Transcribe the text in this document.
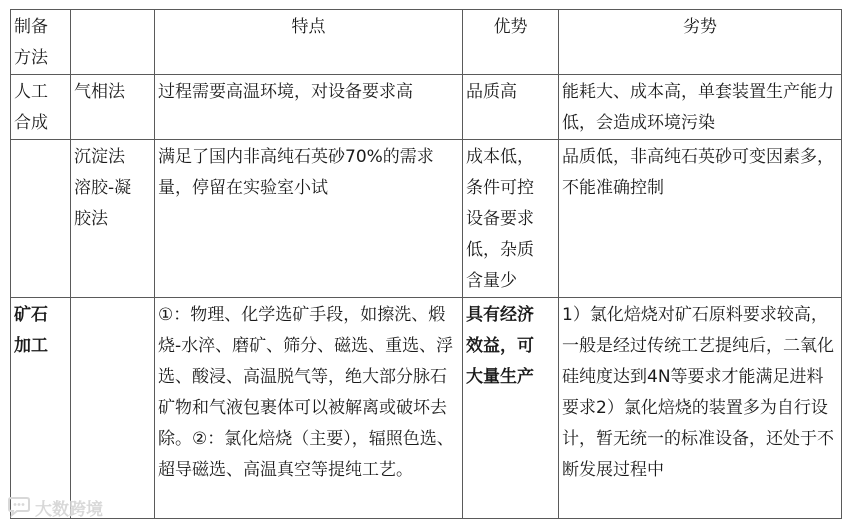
制备
方法		特点	优势	劣势
人工
合成	气相法	过程需要高温环境，对设备要求高	品质高	能耗大、成本高，单套装置生产能力低，会造成环境污染
	沉淀法
溶胶-凝
胶法	满足了国内非高纯石英砂70%的需求量，停留在实验室小试	成本低，
条件可控
设备要求
低，杂质
含量少	品质低，非高纯石英砂可变因素多，不能准确控制
矿石
加工		①：物理、化学选矿手段，如擦洗、煅烧-水淬、磨矿、筛分、磁选、重选、浮选、酸浸、高温脱气等，绝大部分脉石矿物和气液包裹体可以被解离或破坏去除。②：氯化焙烧（主要），辐照色选、超导磁选、高温真空等提纯工艺。	具有经济
效益，可
大量生产	1）氯化焙烧对矿石原料要求较高，一般是经过传统工艺提纯后，二氧化硅纯度达到4N等要求才能满足进料要求2）氯化焙烧的装置多为自行设计，暂无统一的标准设备，还处于不断发展过程中
大数跨境
